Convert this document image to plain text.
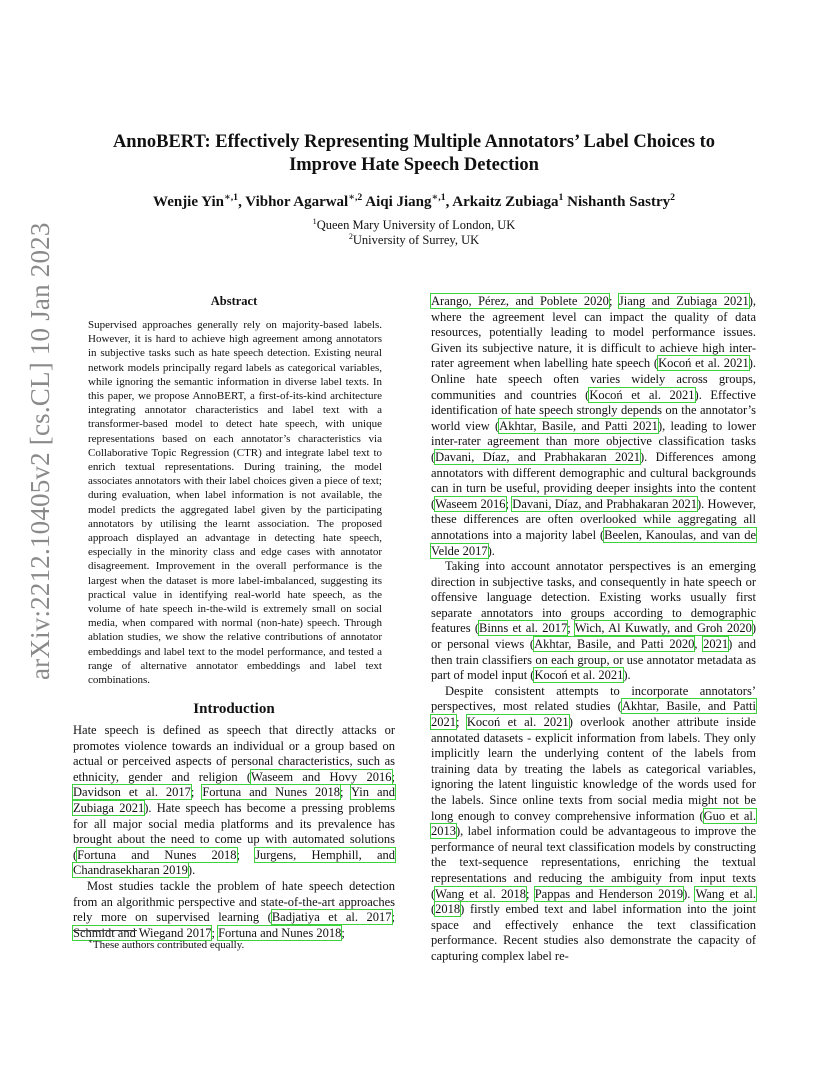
arXiv:2212.10405v2 [cs.CL] 10 Jan 2023
AnnoBERT: Effectively Representing Multiple Annotators’ Label Choices to
Improve Hate Speech Detection
Wenjie Yin$^{∗,1}$, Vibhor Agarwal$^{∗,2}$ Aiqi Jiang$^{∗,1}$, Arkaitz Zubiaga$^1$ Nishanth Sastry$^2$
$^1$Queen Mary University of London, UK
$^2$University of Surrey, UK
Abstract

Supervised approaches generally rely on majority-based labels. However, it is hard to achieve high agreement among annotators in subjective tasks such as hate speech detection. Existing neural network models principally regard labels as categorical variables, while ignoring the semantic information in diverse label texts. In this paper, we propose AnnoBERT, a first-of-its-kind architecture integrating annotator characteristics and label text with a transformer-based model to detect hate speech, with unique representations based on each annotator’s characteristics via Collaborative Topic Regression (CTR) and integrate label text to enrich textual representations. During training, the model associates annotators with their label choices given a piece of text; during evaluation, when label information is not available, the model predicts the aggregated label given by the participating annotators by utilising the learnt association. The proposed approach displayed an advantage in detecting hate speech, especially in the minority class and edge cases with annotator disagreement. Improvement in the overall performance is the largest when the dataset is more label-imbalanced, suggesting its practical value in identifying real-world hate speech, as the volume of hate speech in-the-wild is extremely small on social media, when compared with normal (non-hate) speech. Through ablation studies, we show the relative contributions of annotator embeddings and label text to the model performance, and tested a range of alternative annotator embeddings and label text combinations.

Introduction

Hate speech is defined as speech that directly attacks or promotes violence towards an individual or a group based on actual or perceived aspects of personal characteristics, such as ethnicity, gender and religion (Waseem and Hovy 2016; Davidson et al. 2017; Fortuna and Nunes 2018; Yin and Zubiaga 2021). Hate speech has become a pressing problems for all major social media platforms and its prevalence has brought about the need to come up with automated solutions (Fortuna and Nunes 2018; Jurgens, Hemphill, and Chandrasekharan 2019).

Most studies tackle the problem of hate speech detection from an algorithmic perspective and state-of-the-art approaches rely more on supervised learning (Badjatiya et al. 2017; Schmidt and Wiegand 2017; Fortuna and Nunes 2018;

∗These authors contributed equally.

Arango, Pérez, and Poblete 2020; Jiang and Zubiaga 2021), where the agreement level can impact the quality of data resources, potentially leading to model performance issues. Given its subjective nature, it is difficult to achieve high inter-rater agreement when labelling hate speech (Kocoń et al. 2021). Online hate speech often varies widely across groups, communities and countries (Kocoń et al. 2021). Effective identification of hate speech strongly depends on the annotator’s world view (Akhtar, Basile, and Patti 2021), leading to lower inter-rater agreement than more objective classification tasks (Davani, Díaz, and Prabhakaran 2021). Differences among annotators with different demographic and cultural backgrounds can in turn be useful, providing deeper insights into the content (Waseem 2016; Davani, Díaz, and Prabhakaran 2021). However, these differences are often overlooked while aggregating all annotations into a majority label (Beelen, Kanoulas, and van de Velde 2017).

Taking into account annotator perspectives is an emerging direction in subjective tasks, and consequently in hate speech or offensive language detection. Existing works usually first separate annotators into groups according to demographic features (Binns et al. 2017; Wich, Al Kuwatly, and Groh 2020) or personal views (Akhtar, Basile, and Patti 2020, 2021) and then train classifiers on each group, or use annotator metadata as part of model input (Kocoń et al. 2021).

Despite consistent attempts to incorporate annotators’ perspectives, most related studies (Akhtar, Basile, and Patti 2021; Kocoń et al. 2021) overlook another attribute inside annotated datasets - explicit information from labels. They only implicitly learn the underlying content of the labels from training data by treating the labels as categorical variables, ignoring the latent linguistic knowledge of the words used for the labels. Since online texts from social media might not be long enough to convey comprehensive information (Guo et al. 2013), label information could be advantageous to improve the performance of neural text classification models by constructing the text-sequence representations, enriching the textual representations and reducing the ambiguity from input texts (Wang et al. 2018; Pappas and Henderson 2019). Wang et al. (2018) firstly embed text and label information into the joint space and effectively enhance the text classification performance. Recent studies also demonstrate the capacity of capturing complex label re-
